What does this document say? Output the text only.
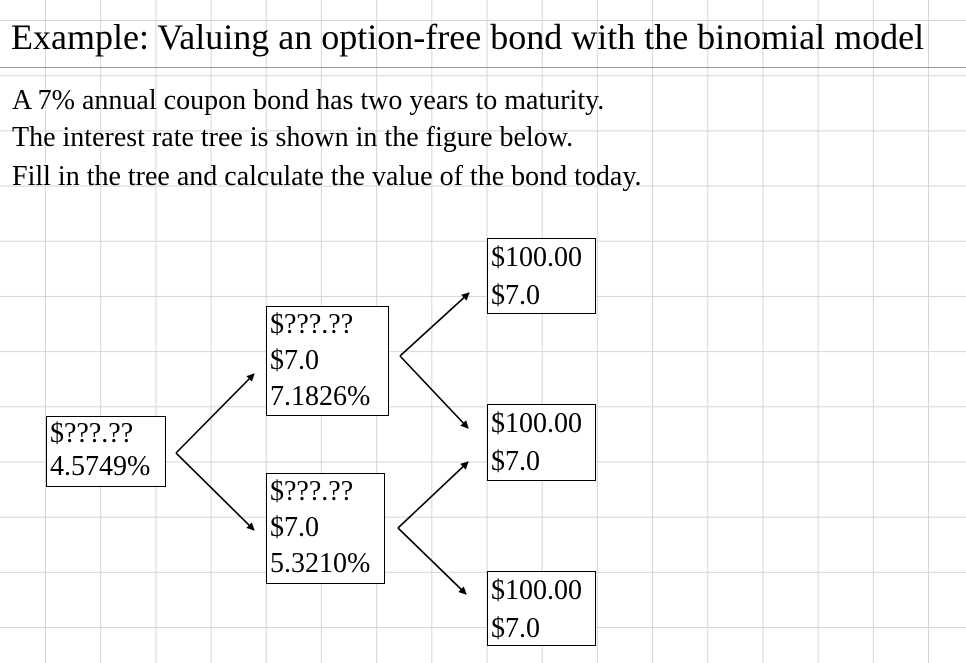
Example: Valuing an option-free bond with the binomial model
A 7% annual coupon bond has two years to maturity.
The interest rate tree is shown in the figure below.
Fill in the tree and calculate the value of the bond today.
$???.??
4.5749%
$???.??
$7.0
7.1826%
$???.??
$7.0
5.3210%
$100.00
$7.0
$100.00
$7.0
$100.00
$7.0
